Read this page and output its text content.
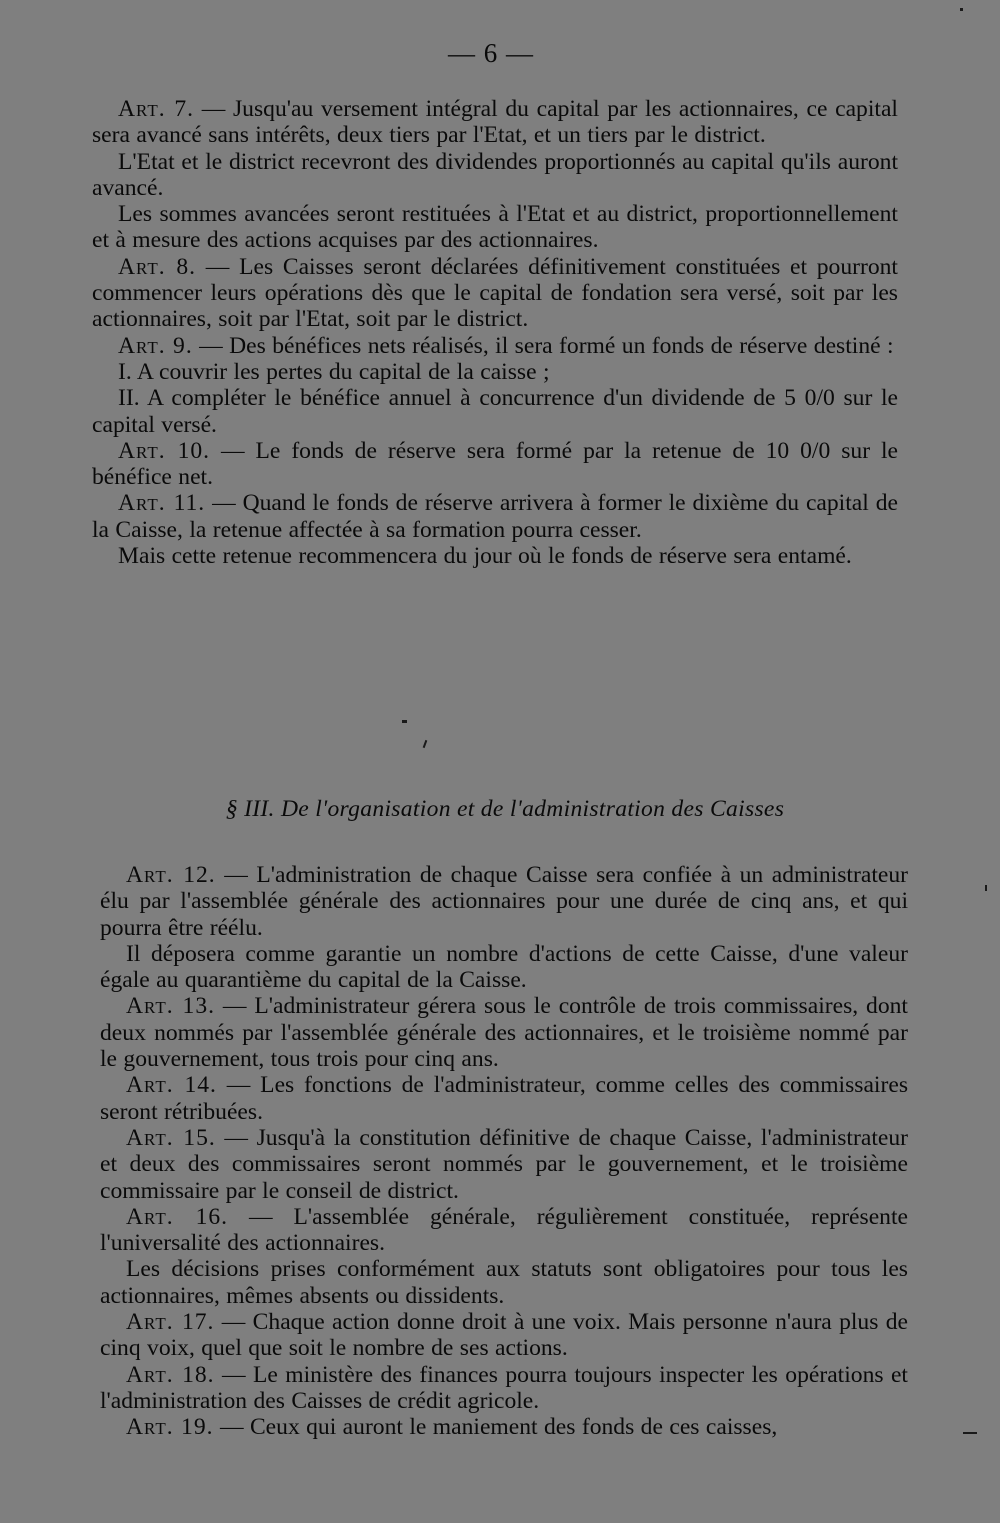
— 6 —

Art. 7. — Jusqu'au versement intégral du capital par les actionnaires, ce capital sera avancé sans intérêts, deux tiers par l'Etat, et un tiers par le district.

L'Etat et le district recevront des dividendes proportionnés au capital qu'ils auront avancé.

Les sommes avancées seront restituées à l'Etat et au district, proportionnellement et à mesure des actions acquises par des actionnaires.

Art. 8. — Les Caisses seront déclarées définitivement constituées et pourront commencer leurs opérations dès que le capital de fondation sera versé, soit par les actionnaires, soit par l'Etat, soit par le district.

Art. 9. — Des bénéfices nets réalisés, il sera formé un fonds de réserve destiné :

I. A couvrir les pertes du capital de la caisse ;

II. A compléter le bénéfice annuel à concurrence d'un dividende de 5 0/0 sur le capital versé.

Art. 10. — Le fonds de réserve sera formé par la retenue de 10 0/0 sur le bénéfice net.

Art. 11. — Quand le fonds de réserve arrivera à former le dixième du capital de la Caisse, la retenue affectée à sa formation pourra cesser.

Mais cette retenue recommencera du jour où le fonds de réserve sera entamé.

§ III. De l'organisation et de l'administration des Caisses

Art. 12. — L'administration de chaque Caisse sera confiée à un administrateur élu par l'assemblée générale des actionnaires pour une durée de cinq ans, et qui pourra être réélu.

Il déposera comme garantie un nombre d'actions de cette Caisse, d'une valeur égale au quarantième du capital de la Caisse.

Art. 13. — L'administrateur gérera sous le contrôle de trois commissaires, dont deux nommés par l'assemblée générale des actionnaires, et le troisième nommé par le gouvernement, tous trois pour cinq ans.

Art. 14. — Les fonctions de l'administrateur, comme celles des commissaires seront rétribuées.

Art. 15. — Jusqu'à la constitution définitive de chaque Caisse, l'administrateur et deux des commissaires seront nommés par le gouvernement, et le troisième commissaire par le conseil de district.

Art. 16. — L'assemblée générale, régulièrement constituée, représente l'universalité des actionnaires.

Les décisions prises conformément aux statuts sont obligatoires pour tous les actionnaires, mêmes absents ou dissidents.

Art. 17. — Chaque action donne droit à une voix. Mais personne n'aura plus de cinq voix, quel que soit le nombre de ses actions.

Art. 18. — Le ministère des finances pourra toujours inspecter les opérations et l'administration des Caisses de crédit agricole.

Art. 19. — Ceux qui auront le maniement des fonds de ces caisses,
